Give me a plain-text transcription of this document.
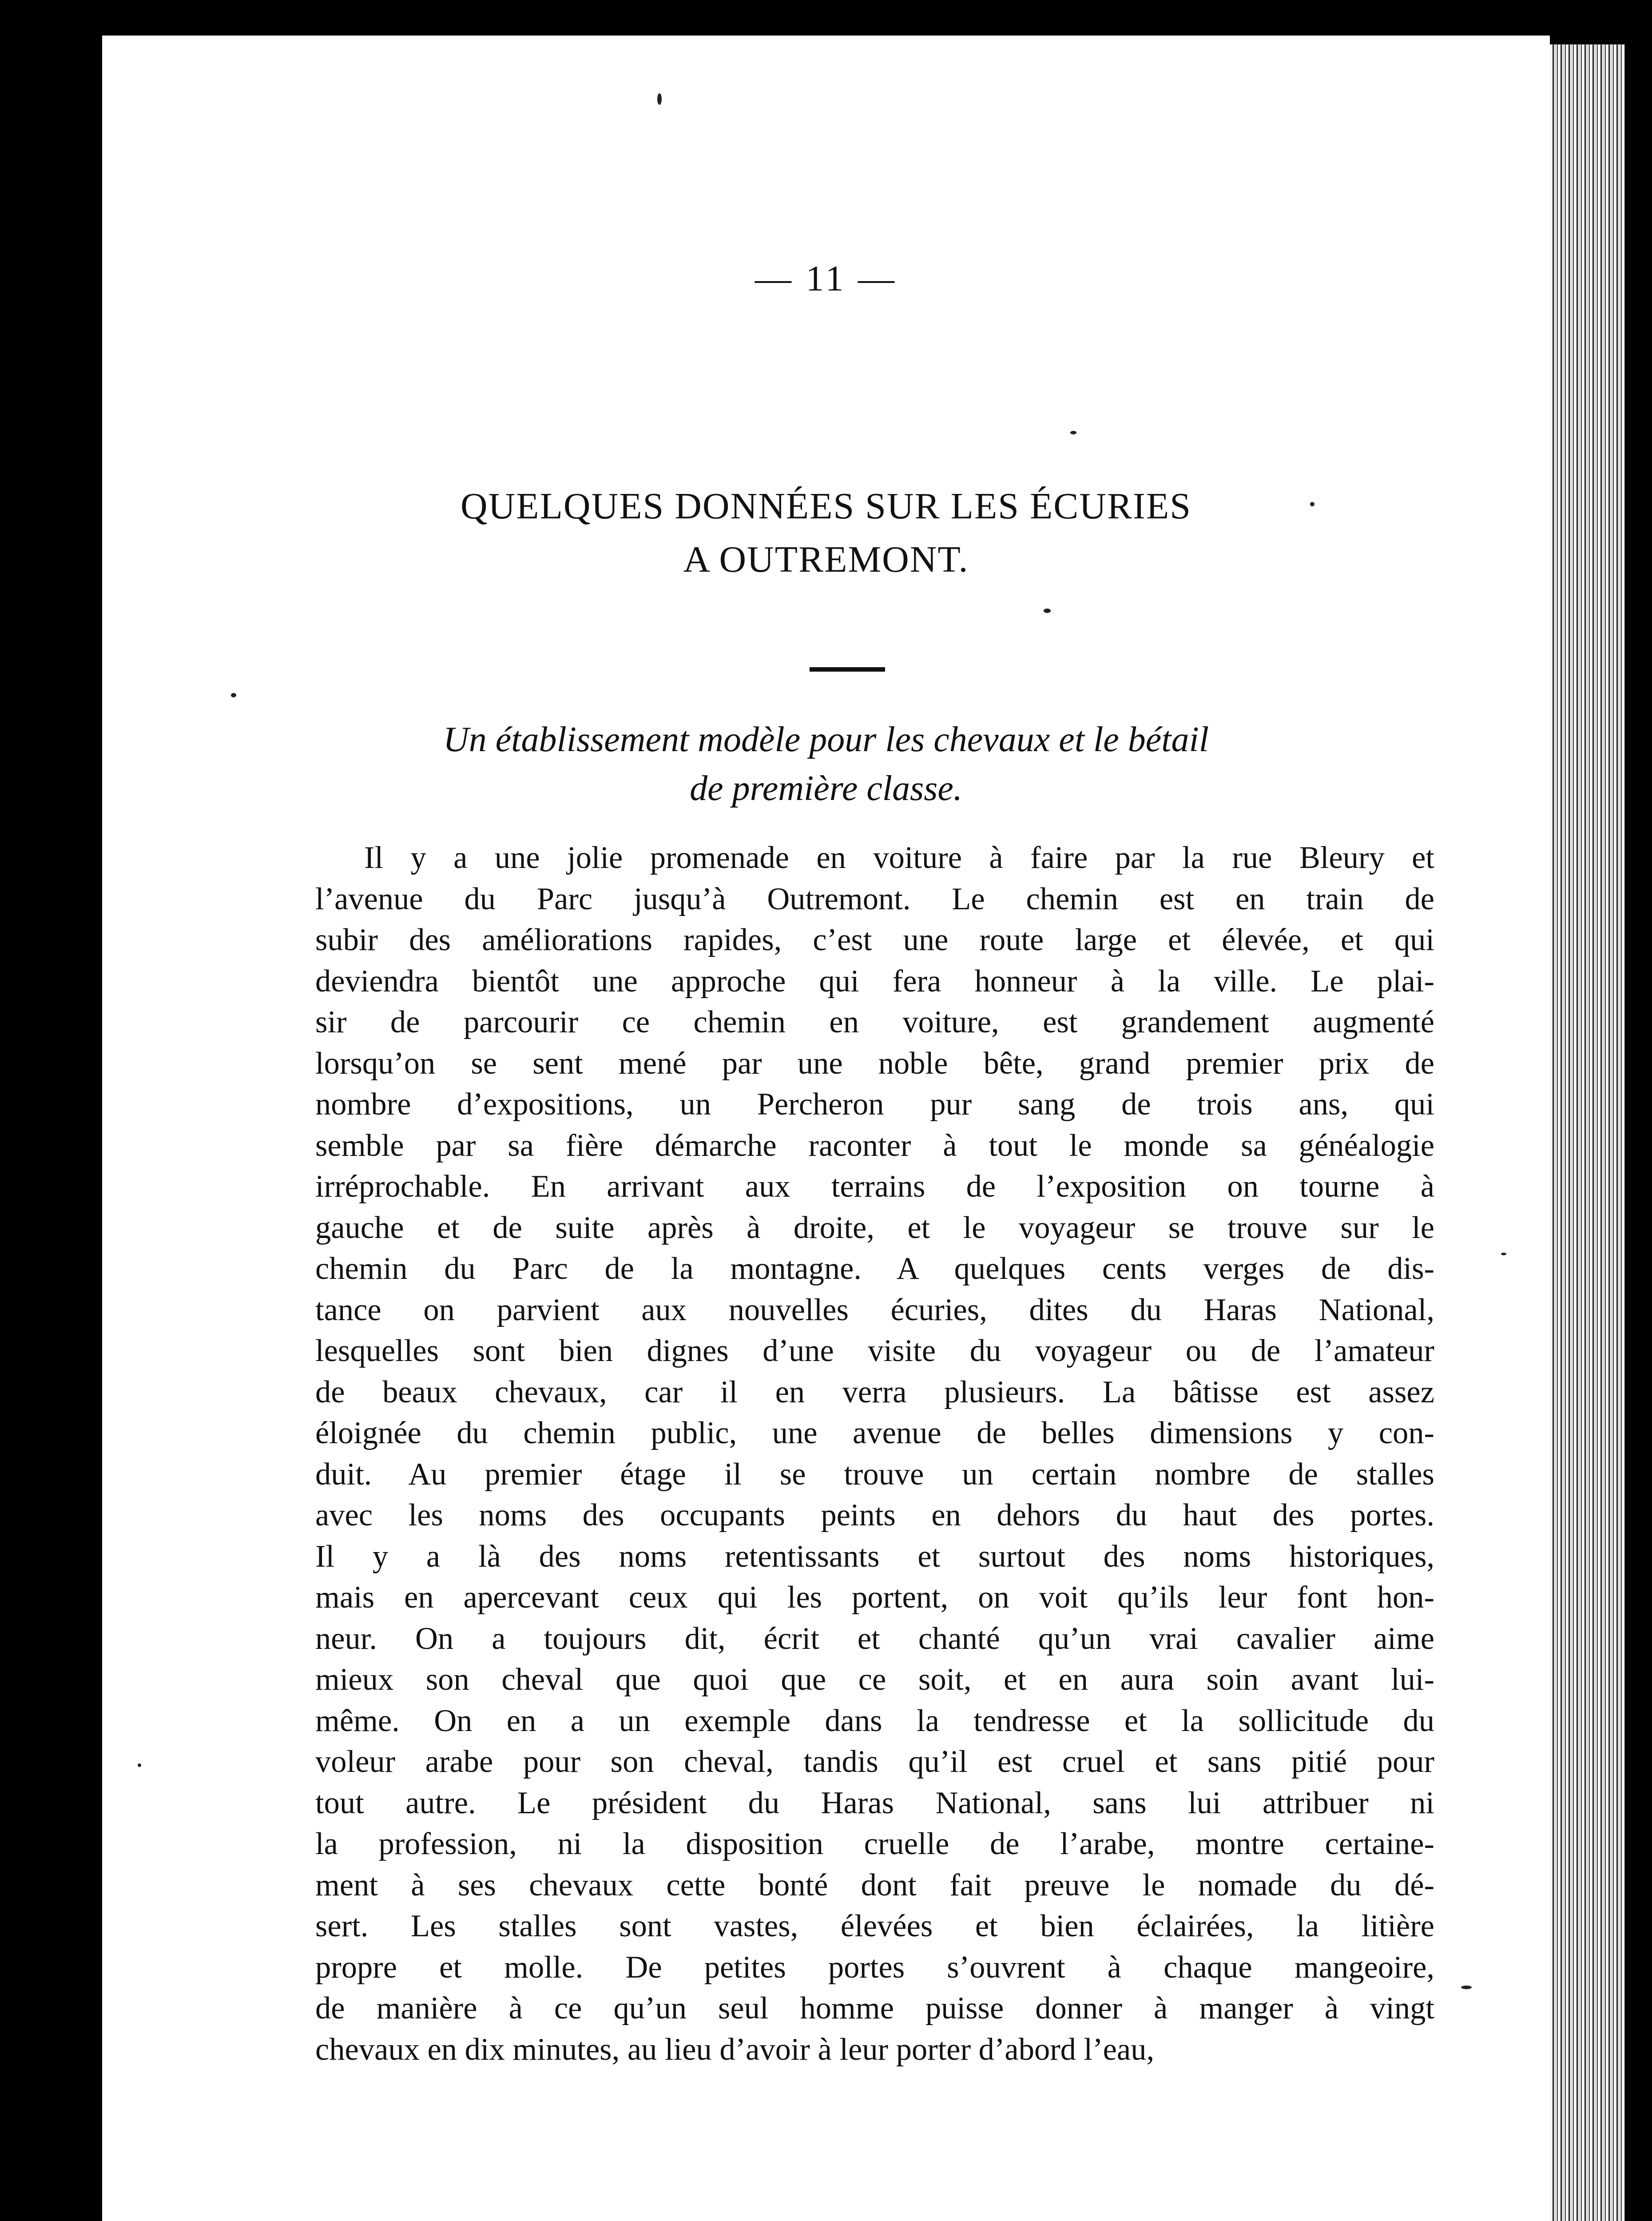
— 11 —
QUELQUES DONNÉES SUR LES ÉCURIES
A OUTREMONT.
Un établissement modèle pour les chevaux et le bétail
de première classe.
Il y a une jolie promenade en voiture à faire par la rue Bleury et
l’avenue du Parc jusqu’à Outremont. Le chemin est en train de
subir des améliorations rapides, c’est une route large et élevée, et qui
deviendra bientôt une approche qui fera honneur à la ville. Le plai-
sir de parcourir ce chemin en voiture, est grandement augmenté
lorsqu’on se sent mené par une noble bête, grand premier prix de
nombre d’expositions, un Percheron pur sang de trois ans, qui
semble par sa fière démarche raconter à tout le monde sa généalogie
irréprochable. En arrivant aux terrains de l’exposition on tourne à
gauche et de suite après à droite, et le voyageur se trouve sur le
chemin du Parc de la montagne. A quelques cents verges de dis-
tance on parvient aux nouvelles écuries, dites du Haras National,
lesquelles sont bien dignes d’une visite du voyageur ou de l’amateur
de beaux chevaux, car il en verra plusieurs. La bâtisse est assez
éloignée du chemin public, une avenue de belles dimensions y con-
duit. Au premier étage il se trouve un certain nombre de stalles
avec les noms des occupants peints en dehors du haut des portes.
Il y a là des noms retentissants et surtout des noms historiques,
mais en apercevant ceux qui les portent, on voit qu’ils leur font hon-
neur. On a toujours dit, écrit et chanté qu’un vrai cavalier aime
mieux son cheval que quoi que ce soit, et en aura soin avant lui-
même. On en a un exemple dans la tendresse et la sollicitude du
voleur arabe pour son cheval, tandis qu’il est cruel et sans pitié pour
tout autre. Le président du Haras National, sans lui attribuer ni
la profession, ni la disposition cruelle de l’arabe, montre certaine-
ment à ses chevaux cette bonté dont fait preuve le nomade du dé-
sert. Les stalles sont vastes, élevées et bien éclairées, la litière
propre et molle. De petites portes s’ouvrent à chaque mangeoire,
de manière à ce qu’un seul homme puisse donner à manger à vingt
chevaux en dix minutes, au lieu d’avoir à leur porter d’abord l’eau,
